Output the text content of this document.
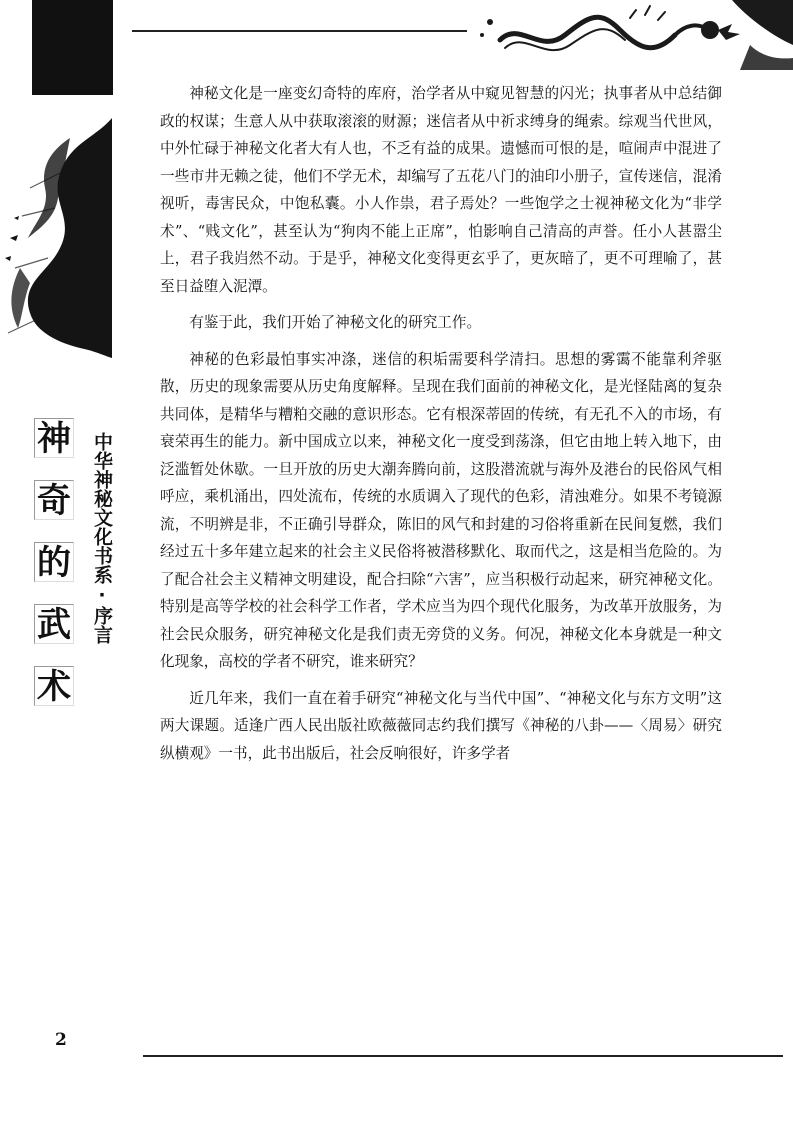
神
奇
的
武
术
中华神秘文化书系·序言

神秘文化是一座变幻奇特的库府，治学者从中窥见智慧的闪光；执事者从中总结御政的权谋；生意人从中获取滚滚的财源；迷信者从中祈求缚身的绳索。综观当代世风，中外忙碌于神秘文化者大有人也，不乏有益的成果。遗憾而可恨的是，喧闹声中混进了一些市井无赖之徒，他们不学无术，却编写了五花八门的油印小册子，宣传迷信，混淆视听，毒害民众，中饱私囊。小人作祟，君子焉处？一些饱学之士视神秘文化为“非学术”、“贱文化”，甚至认为“狗肉不能上正席”，怕影响自己清高的声誉。任小人甚嚣尘上，君子我岿然不动。于是乎，神秘文化变得更玄乎了，更灰暗了，更不可理喻了，甚至日益堕入泥潭。

有鉴于此，我们开始了神秘文化的研究工作。

神秘的色彩最怕事实冲涤，迷信的积垢需要科学清扫。思想的雾霭不能靠利斧驱散，历史的现象需要从历史角度解释。呈现在我们面前的神秘文化，是光怪陆离的复杂共同体，是精华与糟粕交融的意识形态。它有根深蒂固的传统，有无孔不入的市场，有衰荣再生的能力。新中国成立以来，神秘文化一度受到荡涤，但它由地上转入地下，由泛滥暂处休歇。一旦开放的历史大潮奔腾向前，这股潜流就与海外及港台的民俗风气相呼应，乘机涌出，四处流布，传统的水质调入了现代的色彩，清浊难分。如果不考镜源流，不明辨是非，不正确引导群众，陈旧的风气和封建的习俗将重新在民间复燃，我们经过五十多年建立起来的社会主义民俗将被潜移默化、取而代之，这是相当危险的。为了配合社会主义精神文明建设，配合扫除“六害”，应当积极行动起来，研究神秘文化。特别是高等学校的社会科学工作者，学术应当为四个现代化服务，为改革开放服务，为社会民众服务，研究神秘文化是我们责无旁贷的义务。何况，神秘文化本身就是一种文化现象，高校的学者不研究，谁来研究？

近几年来，我们一直在着手研究“神秘文化与当代中国”、“神秘文化与东方文明”这两大课题。适逢广西人民出版社欧薇薇同志约我们撰写《神秘的八卦——〈周易〉研究纵横观》一书，此书出版后，社会反响很好，许多学者

2
